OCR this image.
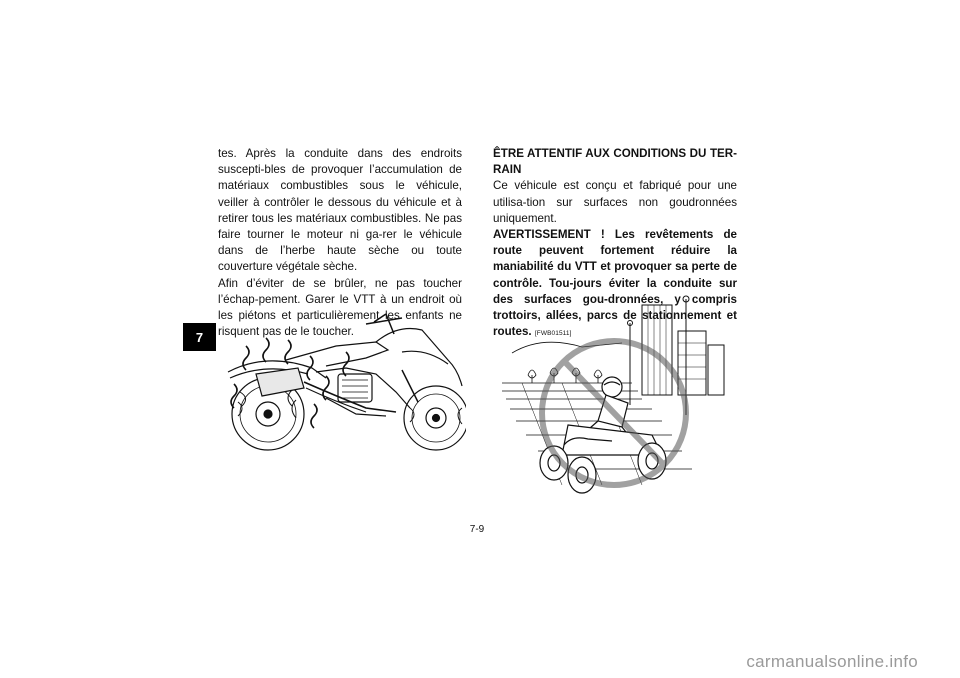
7

tes. Après la conduite dans des endroits suscepti-bles de provoquer l’accumulation de matériaux combustibles sous le véhicule, veiller à contrôler le dessous du véhicule et à retirer tous les matériaux combustibles. Ne pas faire tourner le moteur ni ga-rer le véhicule dans de l’herbe haute sèche ou toute couverture végétale sèche.

Afin d’éviter de se brûler, ne pas toucher l’échap-pement. Garer le VTT à un endroit où les piétons et particulièrement les enfants ne risquent pas de le toucher.

ÊTRE ATTENTIF AUX CONDITIONS DU TER-RAIN

Ce véhicule est conçu et fabriqué pour une utilisa-tion sur surfaces non goudronnées uniquement.

AVERTISSEMENT ! Les revêtements de route peuvent fortement réduire la maniabilité du VTT et provoquer sa perte de contrôle. Tou-jours éviter la conduite sur des surfaces gou-dronnées, y compris trottoirs, allées, parcs de stationnement et routes. [FWB01511]

7-9
carmanualsonline.info
